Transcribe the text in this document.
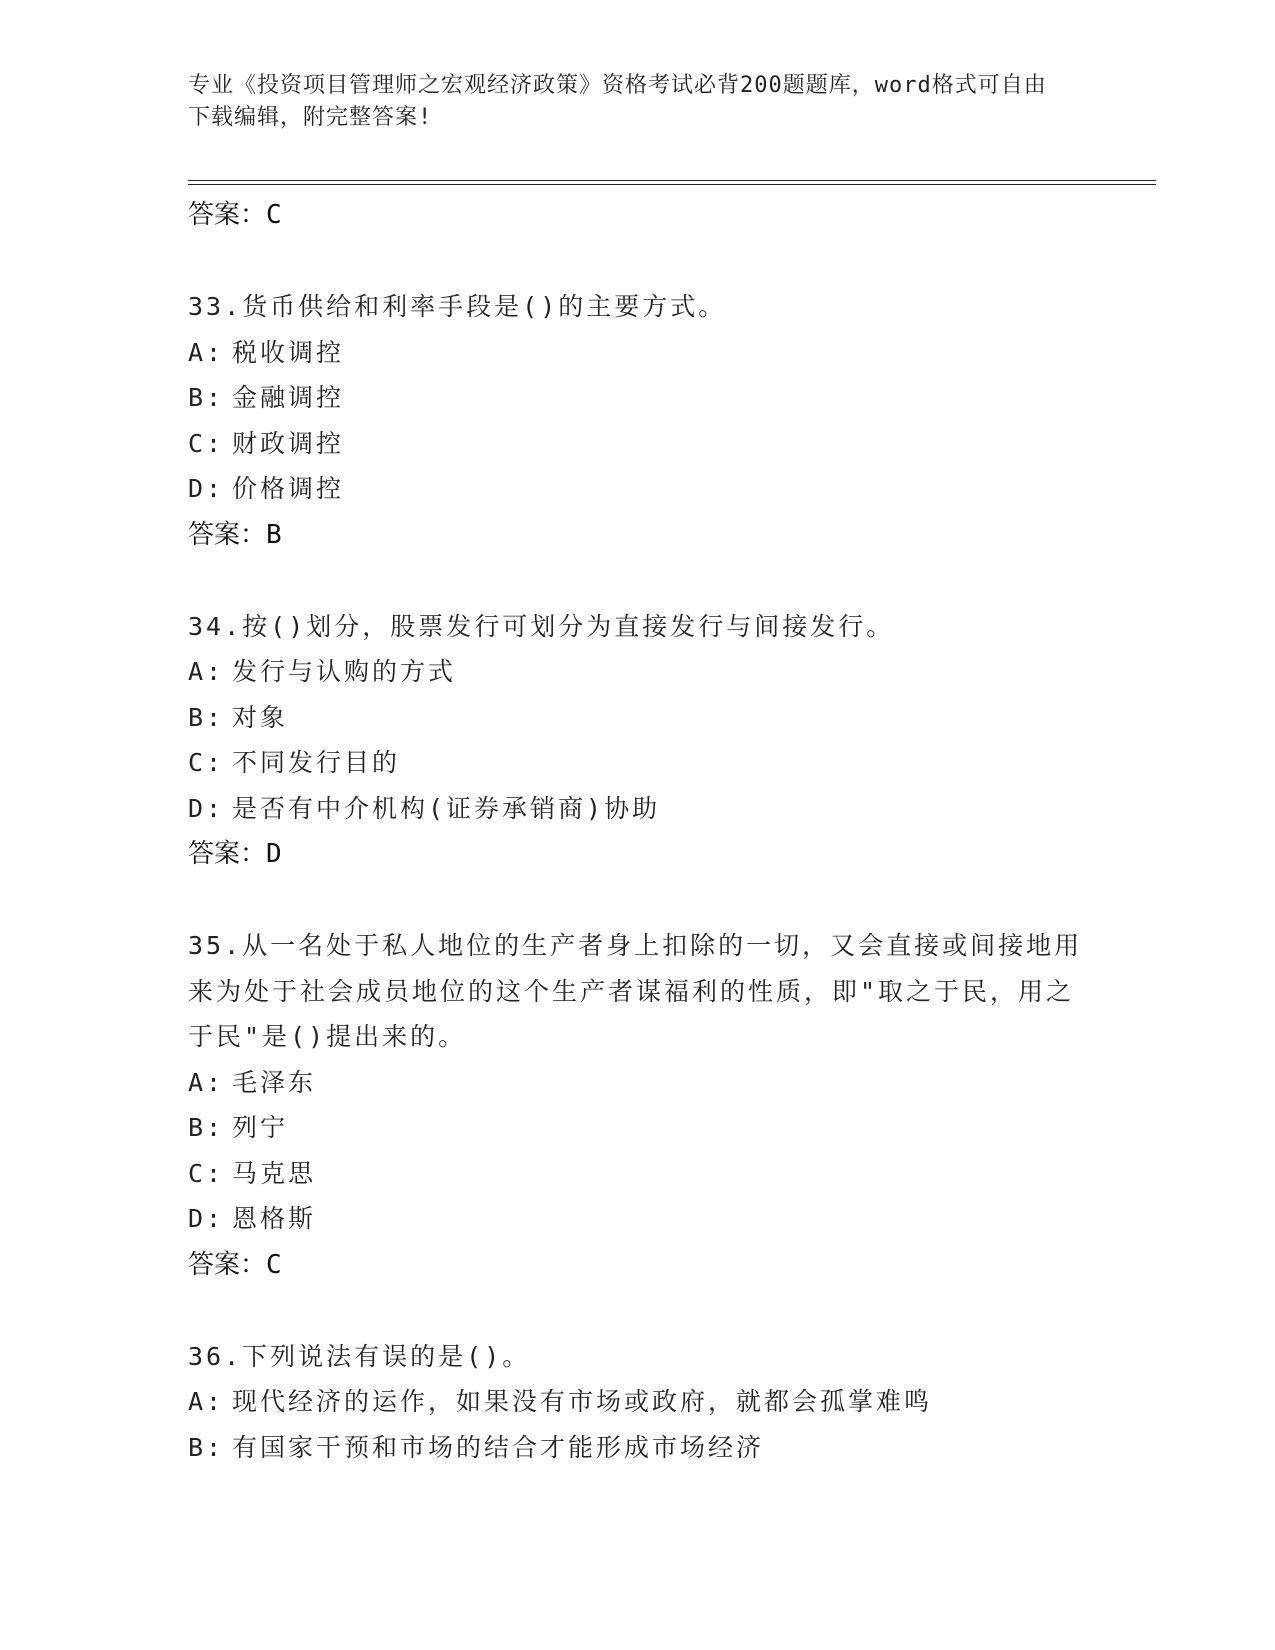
专业《投资项目管理师之宏观经济政策》资格考试必背200题题库，word格式可自由下载编辑，附完整答案!
答案：C
33.货币供给和利率手段是()的主要方式。
A: 税收调控
B: 金融调控
C: 财政调控
D: 价格调控
答案：B
34.按()划分，股票发行可划分为直接发行与间接发行。
A: 发行与认购的方式
B: 对象
C: 不同发行目的
D: 是否有中介机构(证券承销商)协助
答案：D
35.从一名处于私人地位的生产者身上扣除的一切，又会直接或间接地用来为处于社会成员地位的这个生产者谋福利的性质，即"取之于民，用之于民"是()提出来的。
A: 毛泽东
B: 列宁
C: 马克思
D: 恩格斯
答案：C
36.下列说法有误的是()。
A: 现代经济的运作，如果没有市场或政府，就都会孤掌难鸣
B: 有国家干预和市场的结合才能形成市场经济
